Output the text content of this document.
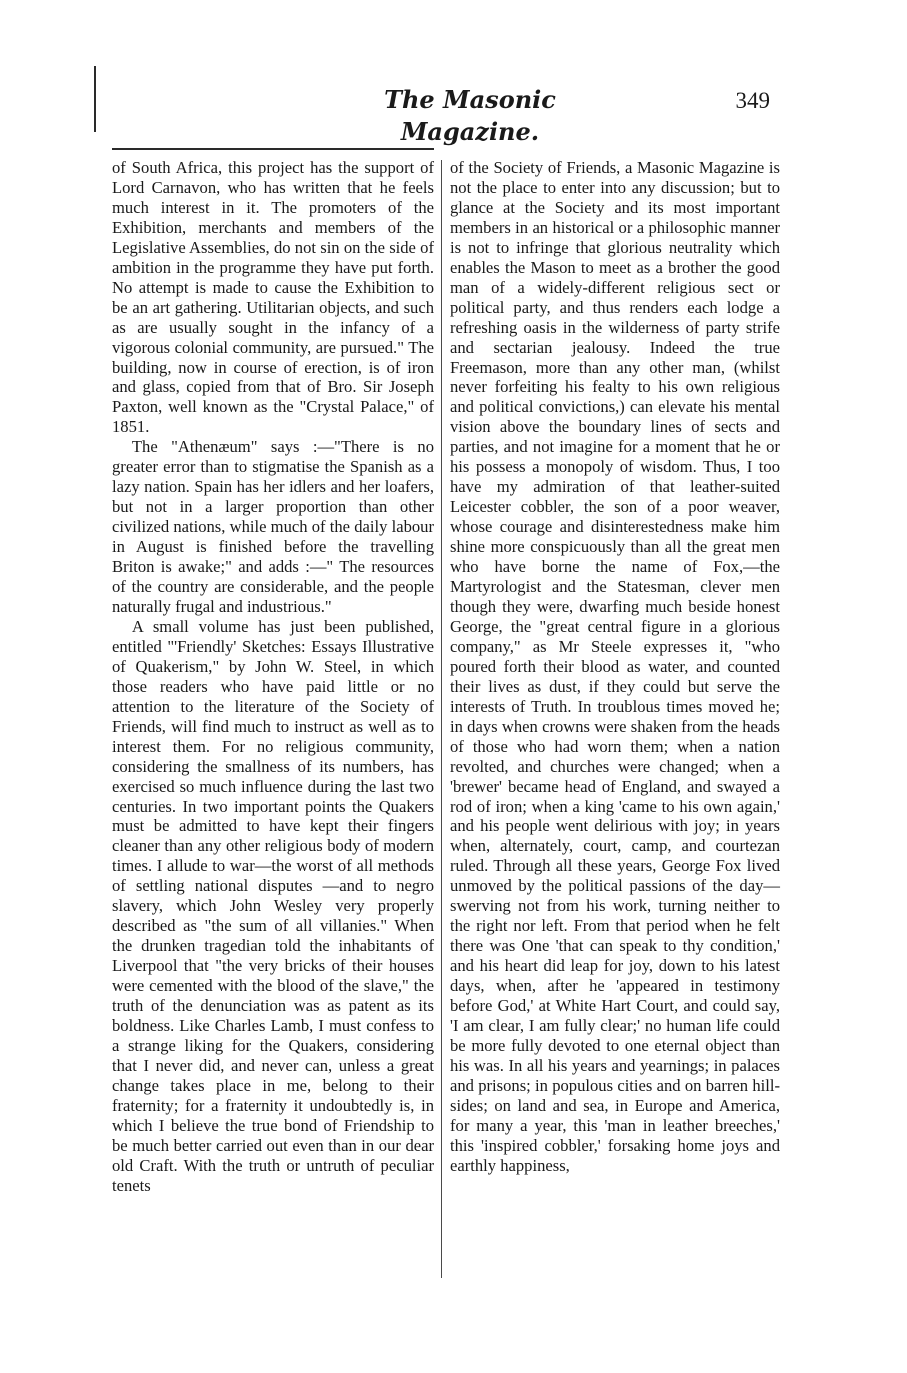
The Masonic Magazine.
349

of South Africa, this project has the support of Lord Carnavon, who has written that he feels much interest in it. The promoters of the Exhibition, merchants and members of the Legislative Assemblies, do not sin on the side of ambition in the programme they have put forth. No attempt is made to cause the Exhibition to be an art gathering. Utilitarian objects, and such as are usually sought in the infancy of a vigorous colonial community, are pursued." The building, now in course of erection, is of iron and glass, copied from that of Bro. Sir Joseph Paxton, well known as the "Crystal Palace," of 1851.

The "Athenæum" says :—"There is no greater error than to stigmatise the Spanish as a lazy nation. Spain has her idlers and her loafers, but not in a larger proportion than other civilized nations, while much of the daily labour in August is finished before the travelling Briton is awake;" and adds :—" The resources of the country are considerable, and the people naturally frugal and industrious."

A small volume has just been published, entitled "'Friendly' Sketches: Essays Illustrative of Quakerism," by John W. Steel, in which those readers who have paid little or no attention to the literature of the Society of Friends, will find much to instruct as well as to interest them. For no religious community, considering the smallness of its numbers, has exercised so much influence during the last two centuries. In two important points the Quakers must be admitted to have kept their fingers cleaner than any other religious body of modern times. I allude to war—the worst of all methods of settling national disputes —and to negro slavery, which John Wesley very properly described as "the sum of all villanies." When the drunken tragedian told the inhabitants of Liverpool that "the very bricks of their houses were cemented with the blood of the slave," the truth of the denunciation was as patent as its boldness. Like Charles Lamb, I must confess to a strange liking for the Quakers, considering that I never did, and never can, unless a great change takes place in me, belong to their fraternity; for a fraternity it undoubtedly is, in which I believe the true bond of Friendship to be much better carried out even than in our dear old Craft. With the truth or untruth of peculiar tenets

of the Society of Friends, a Masonic Magazine is not the place to enter into any discussion; but to glance at the Society and its most important members in an historical or a philosophic manner is not to infringe that glorious neutrality which enables the Mason to meet as a brother the good man of a widely-different religious sect or political party, and thus renders each lodge a refreshing oasis in the wilderness of party strife and sectarian jealousy. Indeed the true Freemason, more than any other man, (whilst never forfeiting his fealty to his own religious and political convictions,) can elevate his mental vision above the boundary lines of sects and parties, and not imagine for a moment that he or his possess a monopoly of wisdom. Thus, I too have my admiration of that leather-suited Leicester cobbler, the son of a poor weaver, whose courage and disinterestedness make him shine more conspicuously than all the great men who have borne the name of Fox,—the Martyrologist and the Statesman, clever men though they were, dwarfing much beside honest George, the "great central figure in a glorious company," as Mr Steele expresses it, "who poured forth their blood as water, and counted their lives as dust, if they could but serve the interests of Truth. In troublous times moved he; in days when crowns were shaken from the heads of those who had worn them; when a nation revolted, and churches were changed; when a 'brewer' became head of England, and swayed a rod of iron; when a king 'came to his own again,' and his people went delirious with joy; in years when, alternately, court, camp, and courtezan ruled. Through all these years, George Fox lived unmoved by the political passions of the day—swerving not from his work, turning neither to the right nor left. From that period when he felt there was One 'that can speak to thy condition,' and his heart did leap for joy, down to his latest days, when, after he 'appeared in testimony before God,' at White Hart Court, and could say, 'I am clear, I am fully clear;' no human life could be more fully devoted to one eternal object than his was. In all his years and yearnings; in palaces and prisons; in populous cities and on barren hill-sides; on land and sea, in Europe and America, for many a year, this 'man in leather breeches,' this 'inspired cobbler,' forsaking home joys and earthly happiness,
